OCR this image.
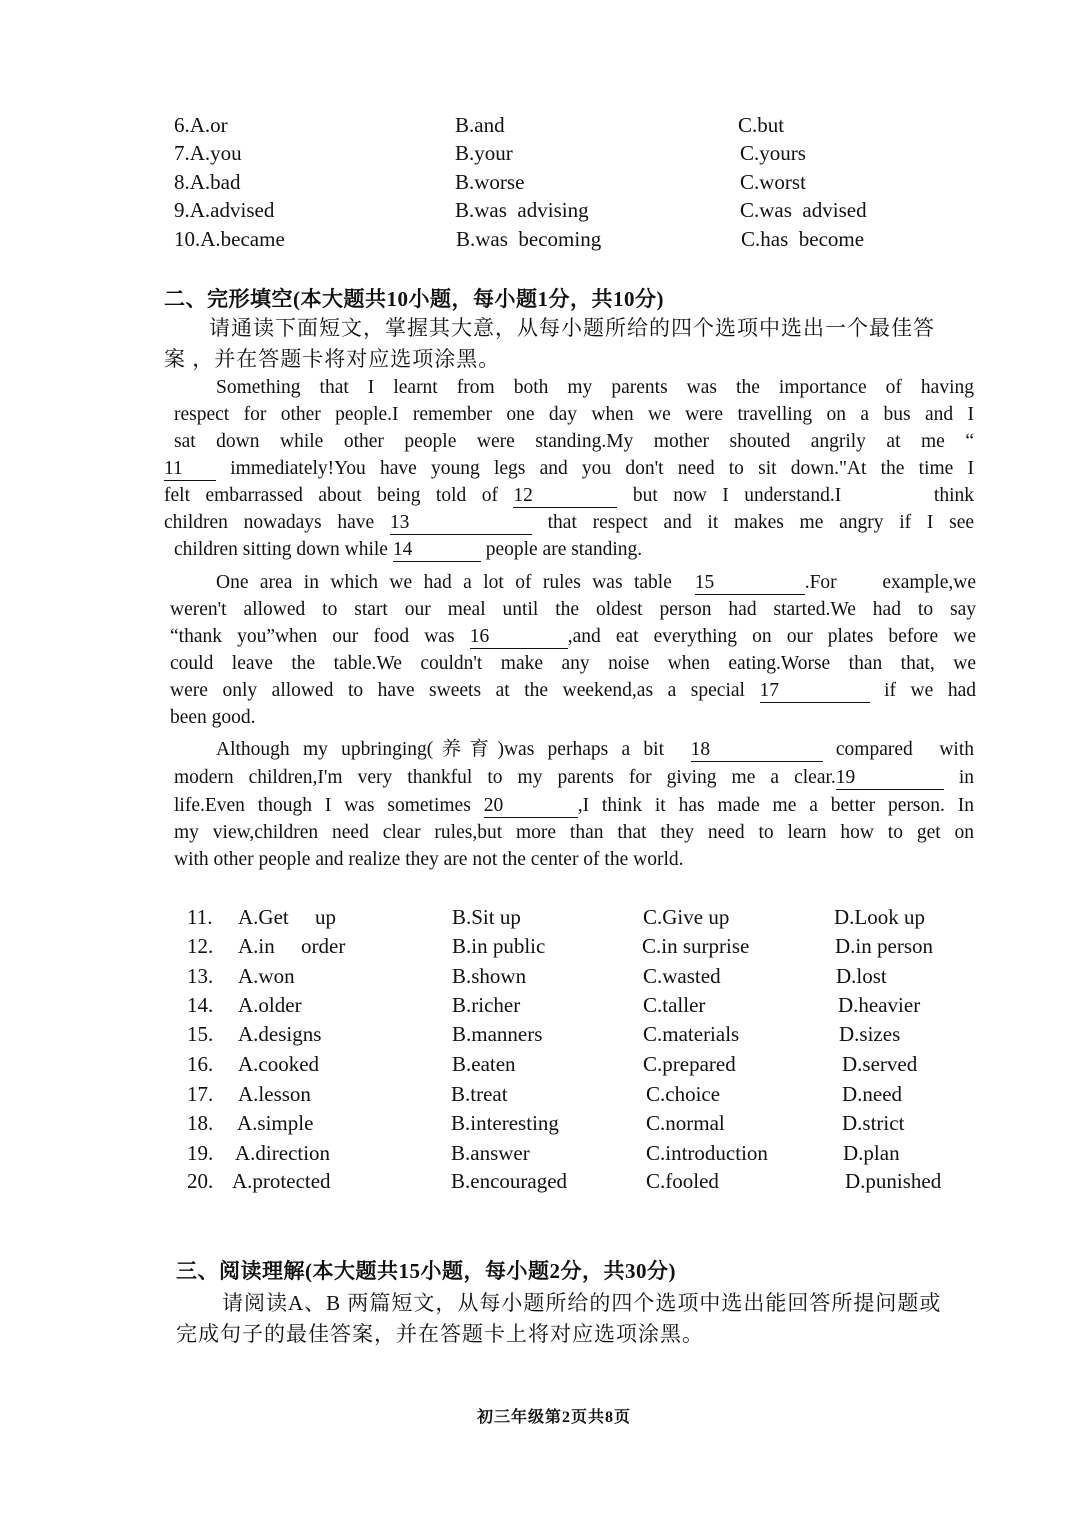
6.A.or	B.and	C.but
7.A.you	B.your	C.yours
8.A.bad	B.worse	C.worst
9.A.advised	B.was  advising	C.was  advised
10.A.became	B.was  becoming	C.has  become
二、完形填空(本大题共10小题，每小题1分，共10分)
请通读下面短文，掌握其大意，从每小题所给的四个选项中选出一个最佳答
案 ，并在答题卡将对应选项涂黑。
Something that I learnt from both my parents was the importance of having
respect for other people.I remember one day when we were travelling on a bus and I
sat down while other people were standing.My mother shouted angrily at me “
11 immediately!You have young legs and you don't need to sit down."At the time I
felt embarrassed about being told of 12	but now I understand.I      think
children nowadays have 13	that respect and it makes me angry if I see
children sitting down while 14	people are standing.
One area in which we had a lot of rules was table 15	.For    example,we
weren't allowed to start our meal until the oldest person had started.We had to say
“thank you”when our food was 16	,and eat everything on our plates before we
could leave the table.We couldn't make any noise when eating.Worse than that, we
were only allowed to have sweets at the weekend,as a special 17	if we had
been good.
Although my upbringing(养育)was perhaps a bit 18	compared  with
modern children,I'm very thankful to my parents for giving me a clear.19	in
life.Even though I was sometimes 20	,I think it has made me a better person. In
my view,children need clear rules,but more than that they need to learn how to get on
with other people and realize they are not the center of the world.
11. A.Get     up	B.Sit up	C.Give up	D.Look up
12. A.in     order	B.in public	C.in surprise	D.in person
13. A.won	B.shown	C.wasted	D.lost
14. A.older	B.richer	C.taller	D.heavier
15. A.designs	B.manners	C.materials	D.sizes
16. A.cooked	B.eaten	C.prepared	D.served
17. A.lesson	B.treat	C.choice	D.need
18. A.simple	B.interesting	C.normal	D.strict
19. A.direction	B.answer	C.introduction	D.plan
20. A.protected	B.encouraged	C.fooled	D.punished
三、阅读理解(本大题共15小题，每小题2分，共30分)
请阅读A、B 两篇短文，从每小题所给的四个选项中选出能回答所提问题或
完成句子的最佳答案，并在答题卡上将对应选项涂黑。
初三年级第2页共8页
